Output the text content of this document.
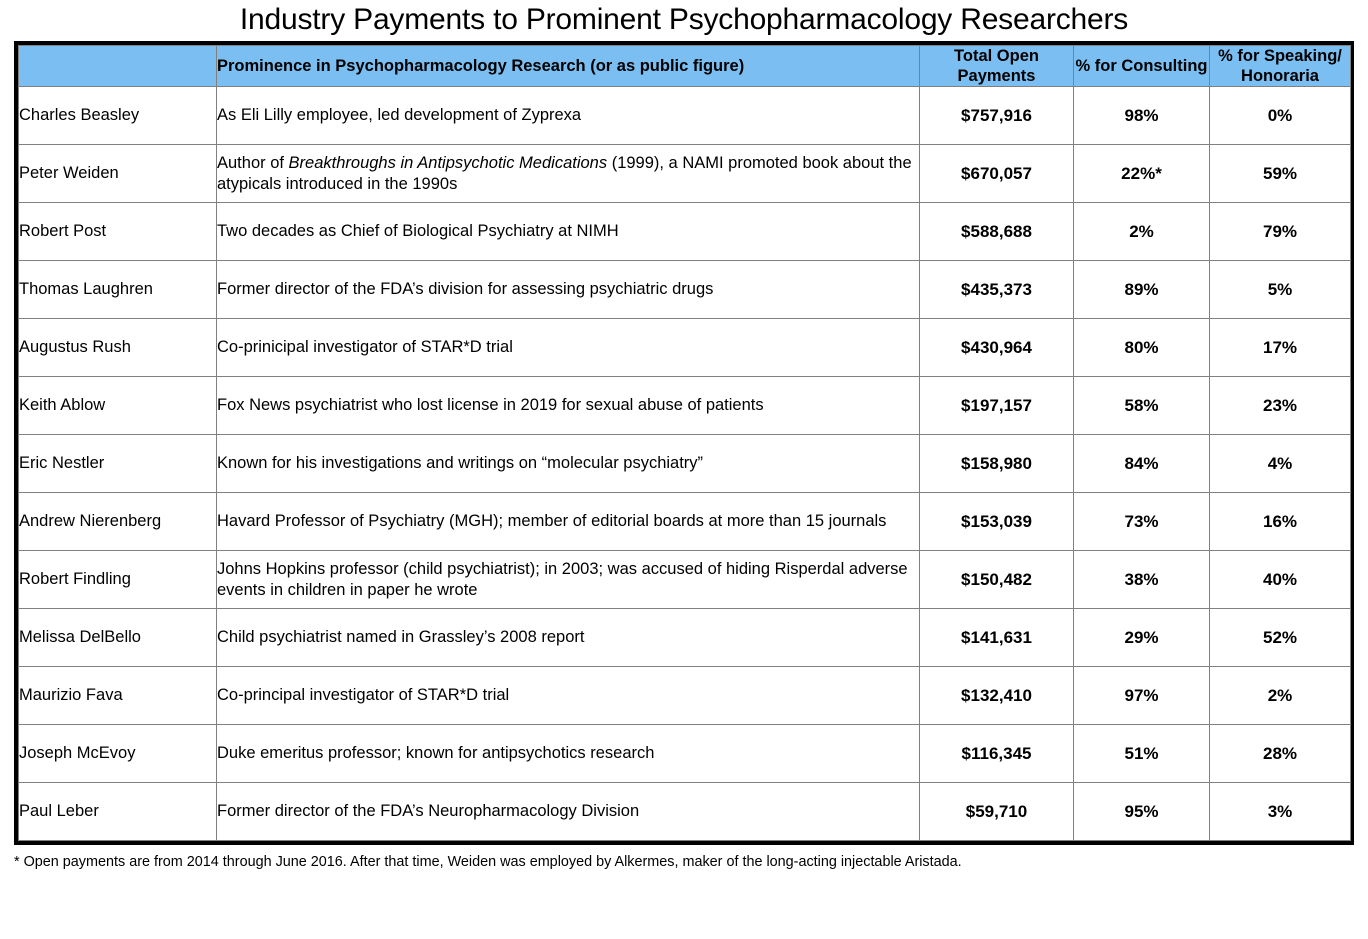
Industry Payments to Prominent Psychopharmacology Researchers
	Prominence in Psychopharmacology Research (or as public figure)	Total Open Payments	% for Consulting	% for Speaking/ Honoraria
Charles Beasley	As Eli Lilly employee, led development of Zyprexa	$757,916	98%	0%
Peter Weiden	Author of Breakthroughs in Antipsychotic Medications (1999), a NAMI promoted book about the atypicals introduced in the 1990s	$670,057	22%*	59%
Robert Post	Two decades as Chief of Biological Psychiatry at NIMH	$588,688	2%	79%
Thomas Laughren	Former director of the FDA’s division for assessing psychiatric drugs	$435,373	89%	5%
Augustus Rush	Co-prinicipal investigator of STAR*D trial	$430,964	80%	17%
Keith Ablow	Fox News psychiatrist who lost license in 2019 for sexual abuse of patients	$197,157	58%	23%
Eric Nestler	Known for his investigations and writings on “molecular psychiatry”	$158,980	84%	4%
Andrew Nierenberg	Havard Professor of Psychiatry (MGH); member of editorial boards at more than 15 journals	$153,039	73%	16%
Robert Findling	Johns Hopkins professor (child psychiatrist); in 2003; was accused of hiding Risperdal adverse events in children in paper he wrote	$150,482	38%	40%
Melissa DelBello	Child psychiatrist named in Grassley’s 2008 report	$141,631	29%	52%
Maurizio Fava	Co-principal investigator of STAR*D trial	$132,410	97%	2%
Joseph McEvoy	Duke emeritus professor; known for antipsychotics research	$116,345	51%	28%
Paul Leber	Former director of the FDA’s Neuropharmacology Division	$59,710	95%	3%
* Open payments are from 2014 through June 2016. After that time, Weiden was employed by Alkermes, maker of the long-acting injectable Aristada.
